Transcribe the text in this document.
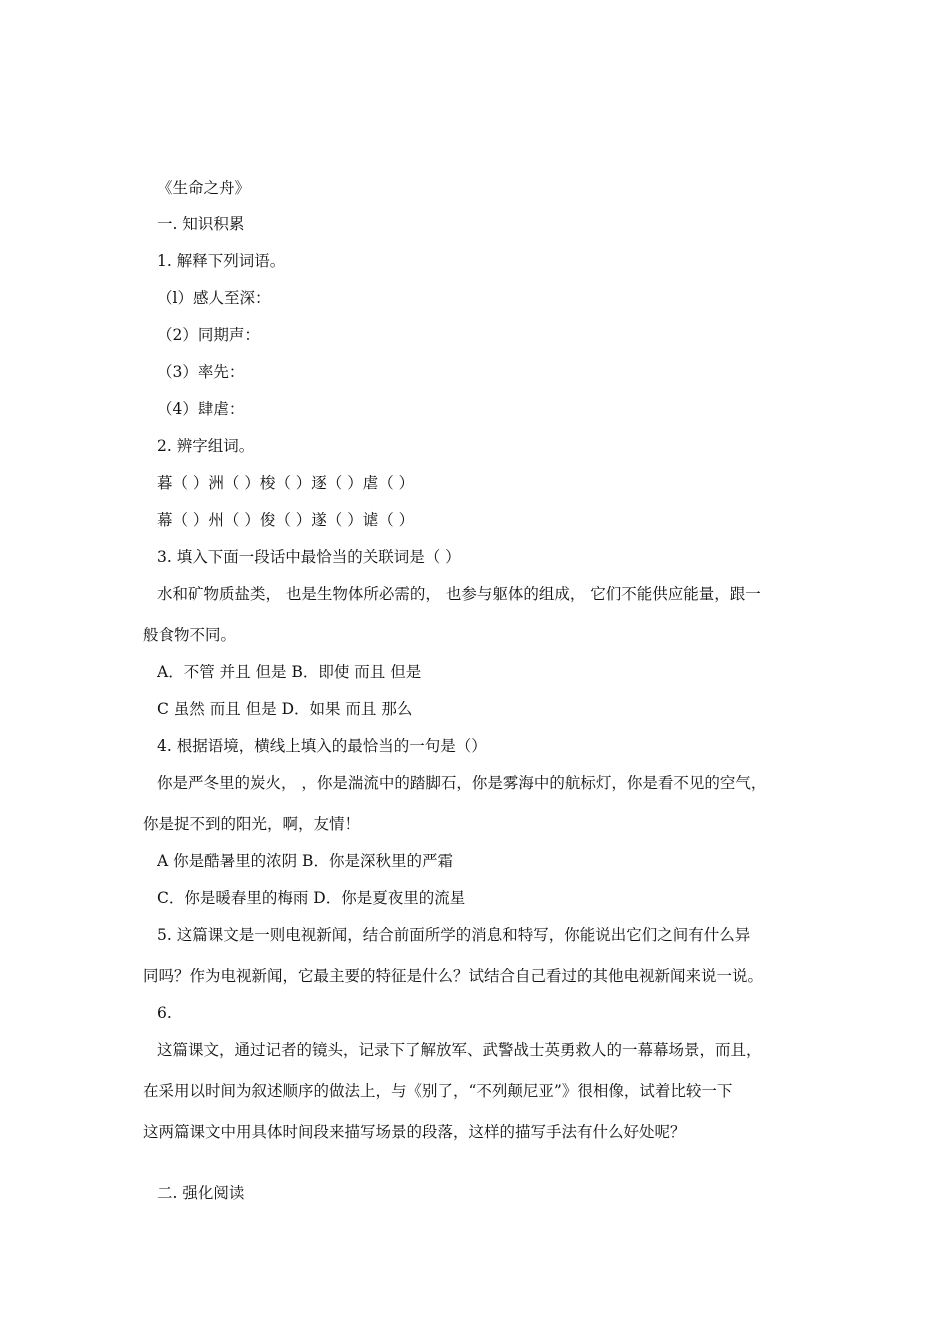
《生命之舟》

一. 知识积累

1. 解释下列词语。

（l）感人至深：

（2）同期声：

（3）率先：

（4）肆虐：

2. 辨字组词。

暮（ ）洲（ ）梭（ ）逐（ ）虐（ ）

幕（ ）州（ ）俊（ ）遂（ ）谑（ ）

3. 填入下面一段话中最恰当的关联词是（ ）

水和矿物质盐类， 也是生物体所必需的， 也参与躯体的组成， 它们不能供应能量，跟一

般食物不同。

A．不管 并且 但是 B．即使 而且 但是

C 虽然 而且 但是 D．如果 而且 那么

4. 根据语境，横线上填入的最恰当的一句是（）

你是严冬里的炭火， ，你是湍流中的踏脚石，你是雾海中的航标灯，你是看不见的空气，

你是捉不到的阳光，啊，友情！

A 你是酷暑里的浓阴 B．你是深秋里的严霜

C．你是暖春里的梅雨 D．你是夏夜里的流星

5. 这篇课文是一则电视新闻，结合前面所学的消息和特写，你能说出它们之间有什么异

同吗？作为电视新闻，它最主要的特征是什么？试结合自己看过的其他电视新闻来说一说。

6.

这篇课文，通过记者的镜头，记录下了解放军、武警战士英勇救人的一幕幕场景，而且，

在采用以时间为叙述顺序的做法上，与《别了，“不列颠尼亚”》很相像，试着比较一下

这两篇课文中用具体时间段来描写场景的段落，这样的描写手法有什么好处呢？

二. 强化阅读
